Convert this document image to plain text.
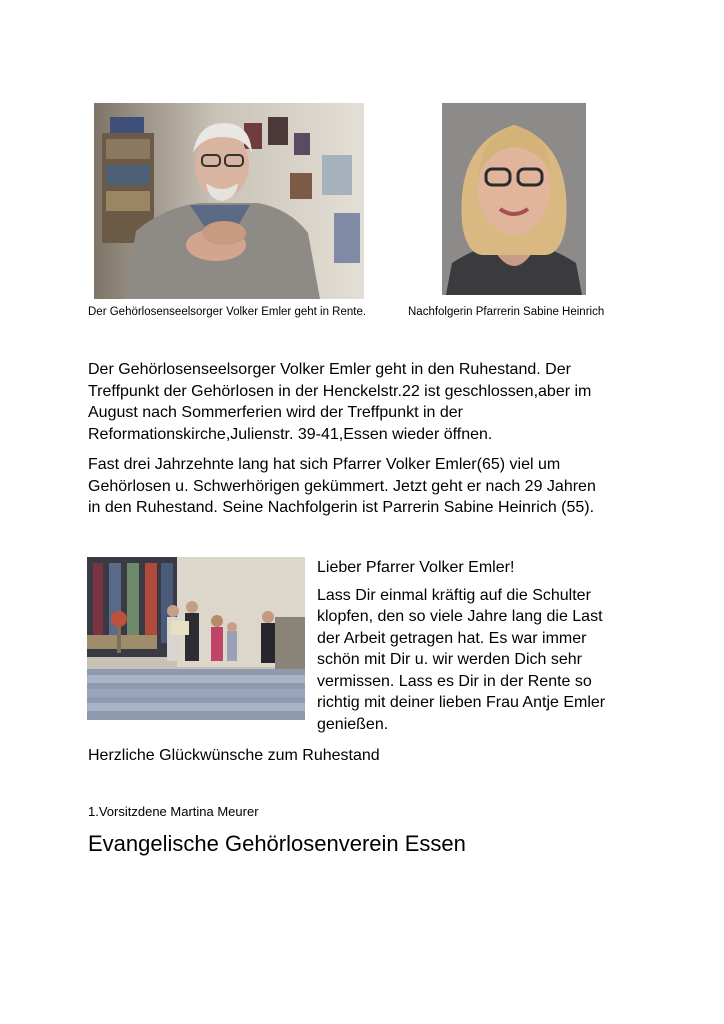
Der Gehörlosenseelsorger Volker Emler geht in Rente.	Nachfolgerin Pfarrerin Sabine Heinrich

Der Gehörlosenseelsorger Volker Emler geht in den Ruhestand. Der

Treffpunkt der Gehörlosen in der Henckelstr.22 ist geschlossen,aber im

August nach Sommerferien wird der Treffpunkt in der

Reformationskirche,Julienstr. 39-41,Essen wieder öffnen.

Fast drei Jahrzehnte lang hat sich Pfarrer Volker Emler(65) viel um

Gehörlosen u. Schwerhörigen gekümmert. Jetzt geht er nach 29 Jahren

in den Ruhestand. Seine Nachfolgerin ist Parrerin Sabine Heinrich (55).

Lieber Pfarrer Volker Emler!
Lass Dir einmal kräftig auf die Schulter
klopfen, den so viele Jahre lang die Last
der Arbeit getragen hat. Es war immer
schön mit Dir u. wir werden Dich sehr
vermissen. Lass es Dir in der Rente so
richtig mit deiner lieben Frau Antje Emler
genießen.
Herzliche Glückwünsche zum Ruhestand
1.Vorsitzdene Martina Meurer
Evangelische Gehörlosenverein Essen
